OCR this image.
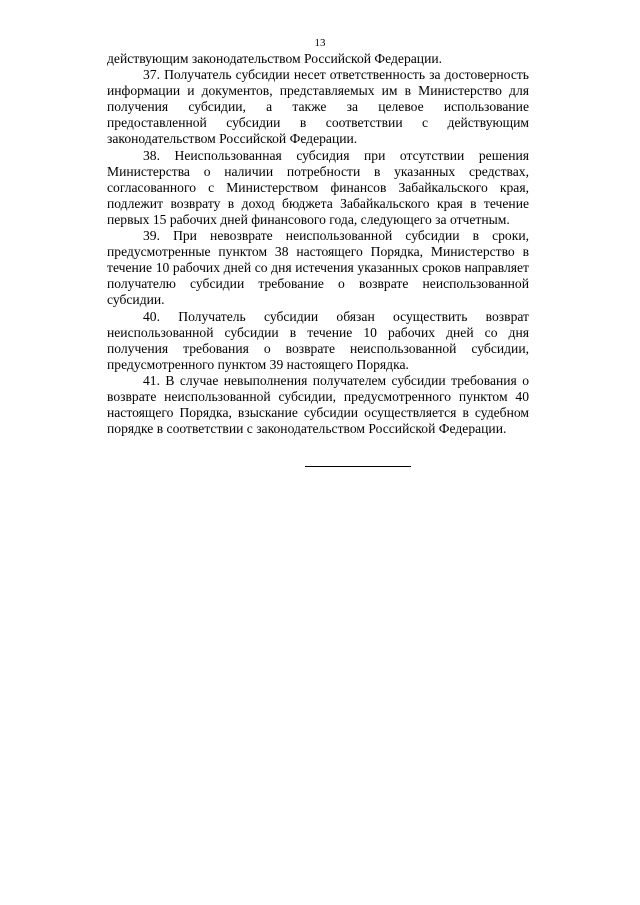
13

действующим законодательством Российской Федерации.

37. Получатель субсидии несет ответственность за достоверность информации и документов, представляемых им в Министерство для получения субсидии, а также за целевое использование предоставленной субсидии в соответствии с действующим законодательством Российской Федерации.

38. Неиспользованная субсидия при отсутствии решения Министерства о наличии потребности в указанных средствах, согласованного с Министерством финансов Забайкальского края, подлежит возврату в доход бюджета Забайкальского края в течение первых 15 рабочих дней финансового года, следующего за отчетным.

39. При невозврате неиспользованной субсидии в сроки, предусмотренные пунктом 38 настоящего Порядка, Министерство в течение 10 рабочих дней со дня истечения указанных сроков направляет получателю субсидии требование о возврате неиспользованной субсидии.

40. Получатель субсидии обязан осуществить возврат неиспользованной субсидии в течение 10 рабочих дней со дня получения требования о возврате неиспользованной субсидии, предусмотренного пунктом 39 настоящего Порядка.

41. В случае невыполнения получателем субсидии требования о возврате неиспользованной субсидии, предусмотренного пунктом 40 настоящего Порядка, взыскание субсидии осуществляется в судебном порядке в соответствии с законодательством Российской Федерации.
